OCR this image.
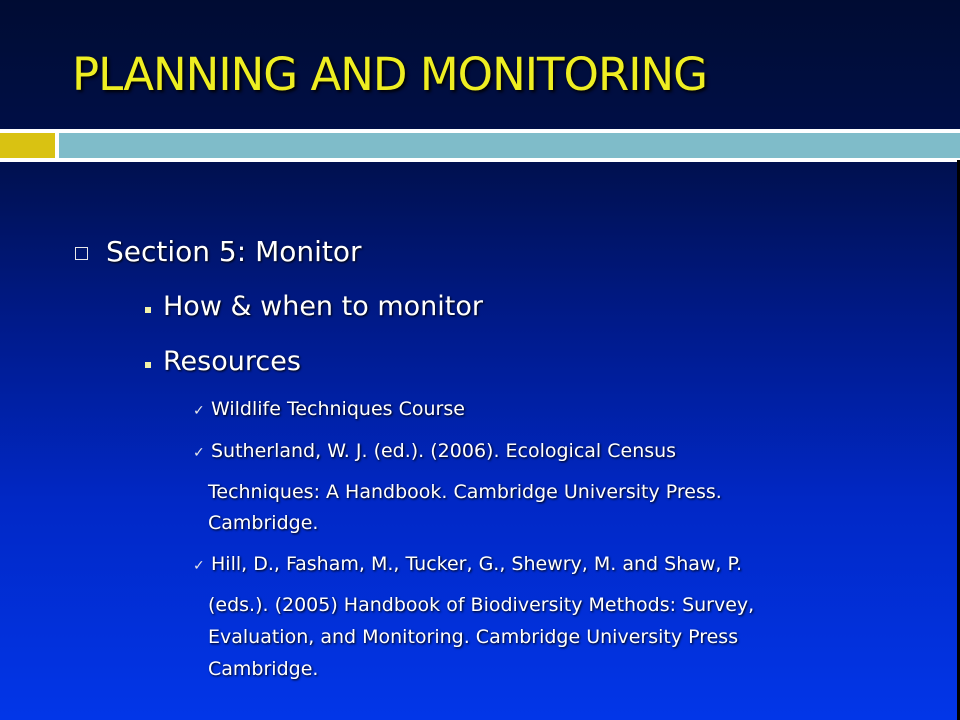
PLANNING AND MONITORING
Section 5: Monitor
How & when to monitor
Resources
✓ Wildlife Techniques Course
✓ Sutherland, W. J. (ed.). (2006). Ecological Census
Techniques: A Handbook. Cambridge University Press.
Cambridge.
✓ Hill, D., Fasham, M., Tucker, G., Shewry, M. and Shaw, P.
(eds.). (2005) Handbook of Biodiversity Methods: Survey,
Evaluation, and Monitoring. Cambridge University Press
Cambridge.
